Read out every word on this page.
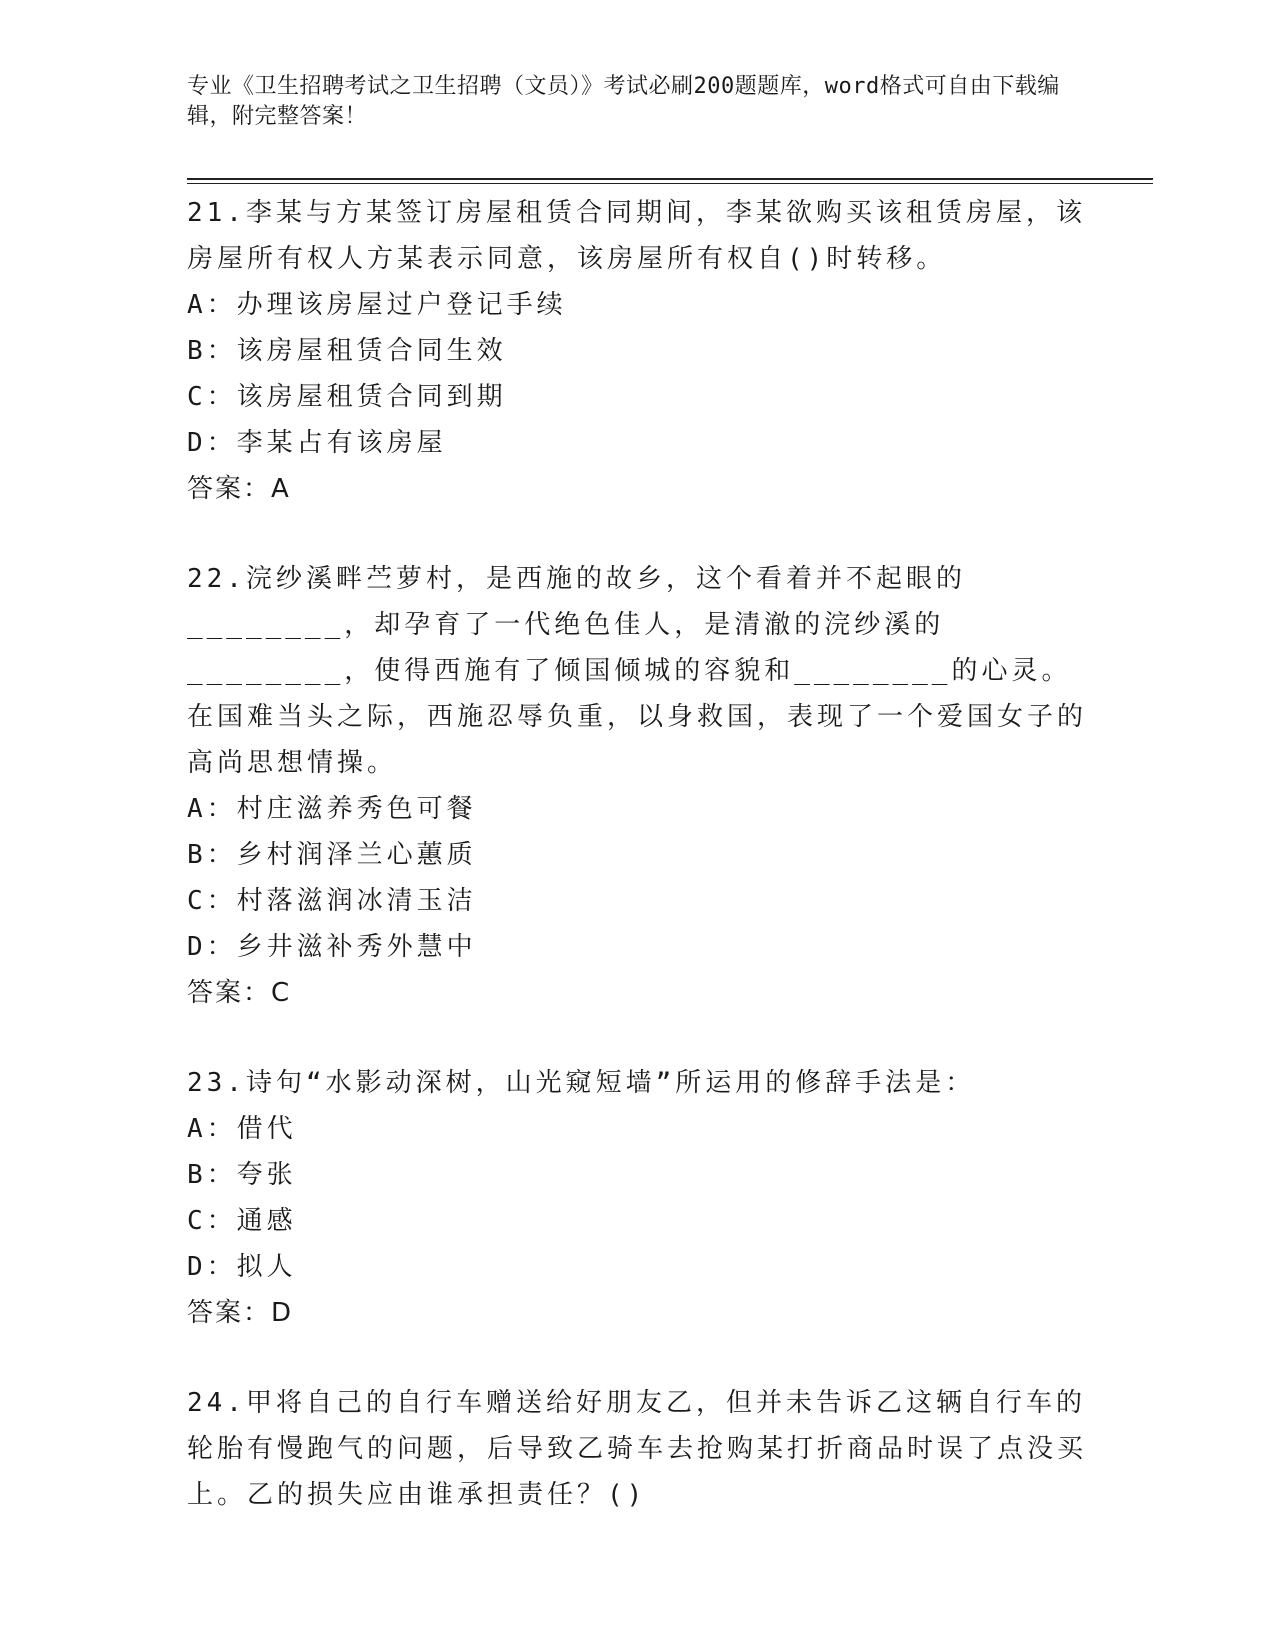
专业《卫生招聘考试之卫生招聘（文员）》考试必刷200题题库，word格式可自由下载编辑，附完整答案！

21.李某与方某签订房屋租赁合同期间，李某欲购买该租赁房屋，该房屋所有权人方某表示同意，该房屋所有权自()时转移。

A：办理该房屋过户登记手续

B：该房屋租赁合同生效

C：该房屋租赁合同到期

D：李某占有该房屋

答案：A

22.浣纱溪畔苎萝村，是西施的故乡，这个看着并不起眼的________，却孕育了一代绝色佳人，是清澈的浣纱溪的________，使得西施有了倾国倾城的容貌和________的心灵。在国难当头之际，西施忍辱负重，以身救国，表现了一个爱国女子的高尚思想情操。

A：村庄滋养秀色可餐

B：乡村润泽兰心蕙质

C：村落滋润冰清玉洁

D：乡井滋补秀外慧中

答案：C

23.诗句“水影动深树，山光窥短墙”所运用的修辞手法是：

A：借代

B：夸张

C：通感

D：拟人

答案：D

24.甲将自己的自行车赠送给好朋友乙，但并未告诉乙这辆自行车的轮胎有慢跑气的问题，后导致乙骑车去抢购某打折商品时误了点没买上。乙的损失应由谁承担责任？()
